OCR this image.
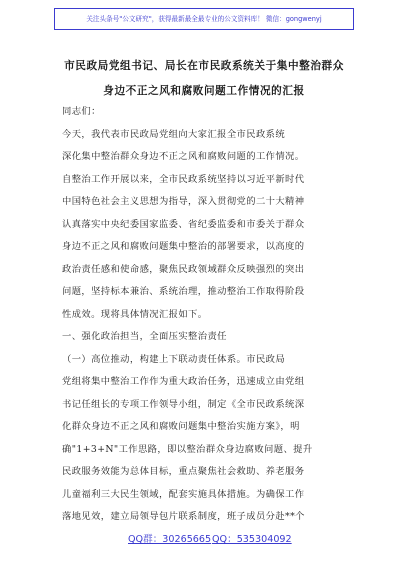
关注头条号"公文研究"，获得最新最全最专业的公文资料库！ 微信：gongwenyj
市民政局党组书记、局长在市民政系统关于集中整治群众
身边不正之风和腐败问题工作情况的汇报
同志们：
今天，我代表市民政局党组向大家汇报全市民政系统
深化集中整治群众身边不正之风和腐败问题的工作情况。
自整治工作开展以来，全市民政系统坚持以习近平新时代
中国特色社会主义思想为指导，深入贯彻党的二十大精神
认真落实中央纪委国家监委、省纪委监委和市委关于群众
身边不正之风和腐败问题集中整治的部署要求，以高度的
政治责任感和使命感，聚焦民政领域群众反映强烈的突出
问题，坚持标本兼治、系统治理，推动整治工作取得阶段
性成效。现将具体情况汇报如下。
一、强化政治担当，全面压实整治责任
（一）高位推动，构建上下联动责任体系。市民政局
党组将集中整治工作作为重大政治任务，迅速成立由党组
书记任组长的专项工作领导小组，制定《全市民政系统深
化群众身边不正之风和腐败问题集中整治实施方案》，明
确"1+3+N"工作思路，即以整治群众身边腐败问题、提升
民政服务效能为总体目标，重点聚焦社会救助、养老服务
儿童福利三大民生领域，配套实施具体措施。为确保工作
落地见效，建立局领导包片联系制度，班子成员分赴**个
QQ群：30265665 QQ：535304092
